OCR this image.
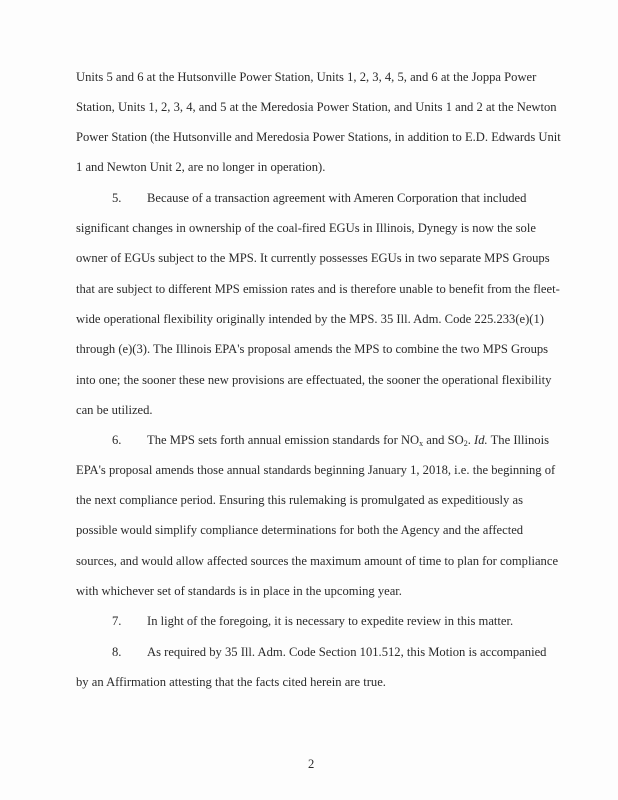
Units 5 and 6 at the Hutsonville Power Station, Units 1, 2, 3, 4, 5, and 6 at the Joppa Power
Station, Units 1, 2, 3, 4, and 5 at the Meredosia Power Station, and Units 1 and 2 at the Newton
Power Station (the Hutsonville and Meredosia Power Stations, in addition to E.D. Edwards Unit
1 and Newton Unit 2, are no longer in operation).
5. Because of a transaction agreement with Ameren Corporation that included
significant changes in ownership of the coal-fired EGUs in Illinois, Dynegy is now the sole
owner of EGUs subject to the MPS. It currently possesses EGUs in two separate MPS Groups
that are subject to different MPS emission rates and is therefore unable to benefit from the fleet-
wide operational flexibility originally intended by the MPS. 35 Ill. Adm. Code 225.233(e)(1)
through (e)(3). The Illinois EPA's proposal amends the MPS to combine the two MPS Groups
into one; the sooner these new provisions are effectuated, the sooner the operational flexibility
can be utilized.
6. The MPS sets forth annual emission standards for $NO_x$ and $SO_2$. Id. The Illinois
EPA's proposal amends those annual standards beginning January 1, 2018, i.e. the beginning of
the next compliance period. Ensuring this rulemaking is promulgated as expeditiously as
possible would simplify compliance determinations for both the Agency and the affected
sources, and would allow affected sources the maximum amount of time to plan for compliance
with whichever set of standards is in place in the upcoming year.
7. In light of the foregoing, it is necessary to expedite review in this matter.
8. As required by 35 Ill. Adm. Code Section 101.512, this Motion is accompanied
by an Affirmation attesting that the facts cited herein are true.
2
